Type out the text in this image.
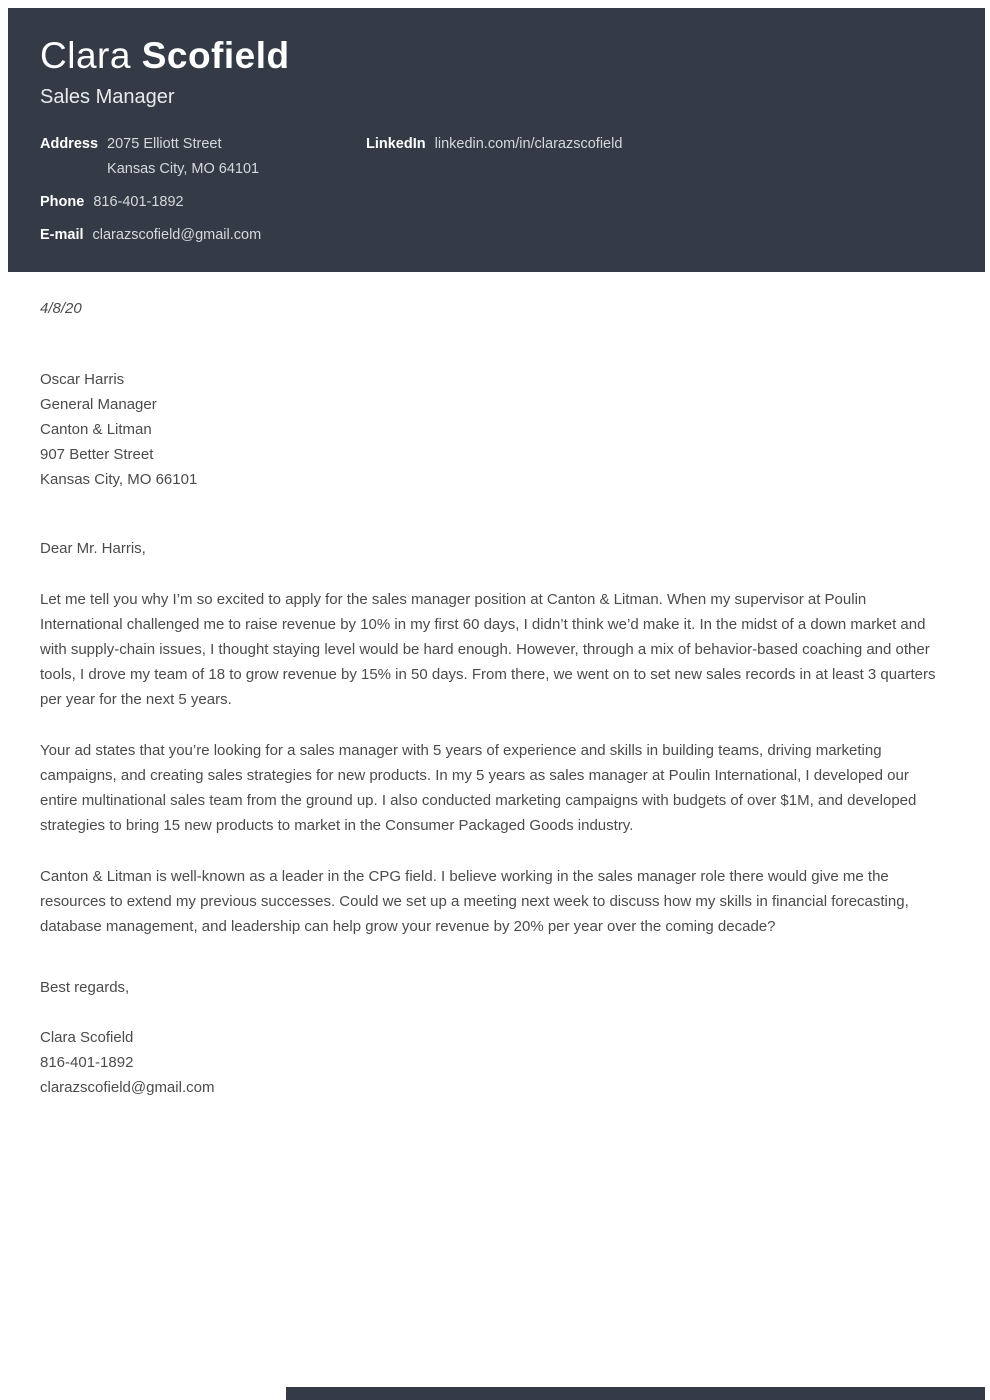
Clara Scofield
Sales Manager
Address 2075 Elliott Street
Kansas City, MO 64101
Phone 816-401-1892
E-mail clarazscofield@gmail.com
LinkedIn linkedin.com/in/clarazscofield

4/8/20

Oscar Harris
General Manager
Canton & Litman
907 Better Street
Kansas City, MO 66101

Dear Mr. Harris,

Let me tell you why I’m so excited to apply for the sales manager position at Canton & Litman. When my supervisor at Poulin International challenged me to raise revenue by 10% in my first 60 days, I didn’t think we’d make it. In the midst of a down market and with supply-chain issues, I thought staying level would be hard enough. However, through a mix of behavior-based coaching and other tools, I drove my team of 18 to grow revenue by 15% in 50 days. From there, we went on to set new sales records in at least 3 quarters per year for the next 5 years.

Your ad states that you’re looking for a sales manager with 5 years of experience and skills in building teams, driving marketing campaigns, and creating sales strategies for new products. In my 5 years as sales manager at Poulin International, I developed our entire multinational sales team from the ground up. I also conducted marketing campaigns with budgets of over $1M, and developed strategies to bring 15 new products to market in the Consumer Packaged Goods industry.

Canton & Litman is well-known as a leader in the CPG field. I believe working in the sales manager role there would give me the resources to extend my previous successes. Could we set up a meeting next week to discuss how my skills in financial forecasting, database management, and leadership can help grow your revenue by 20% per year over the coming decade?

Best regards,

Clara Scofield
816-401-1892
clarazscofield@gmail.com
